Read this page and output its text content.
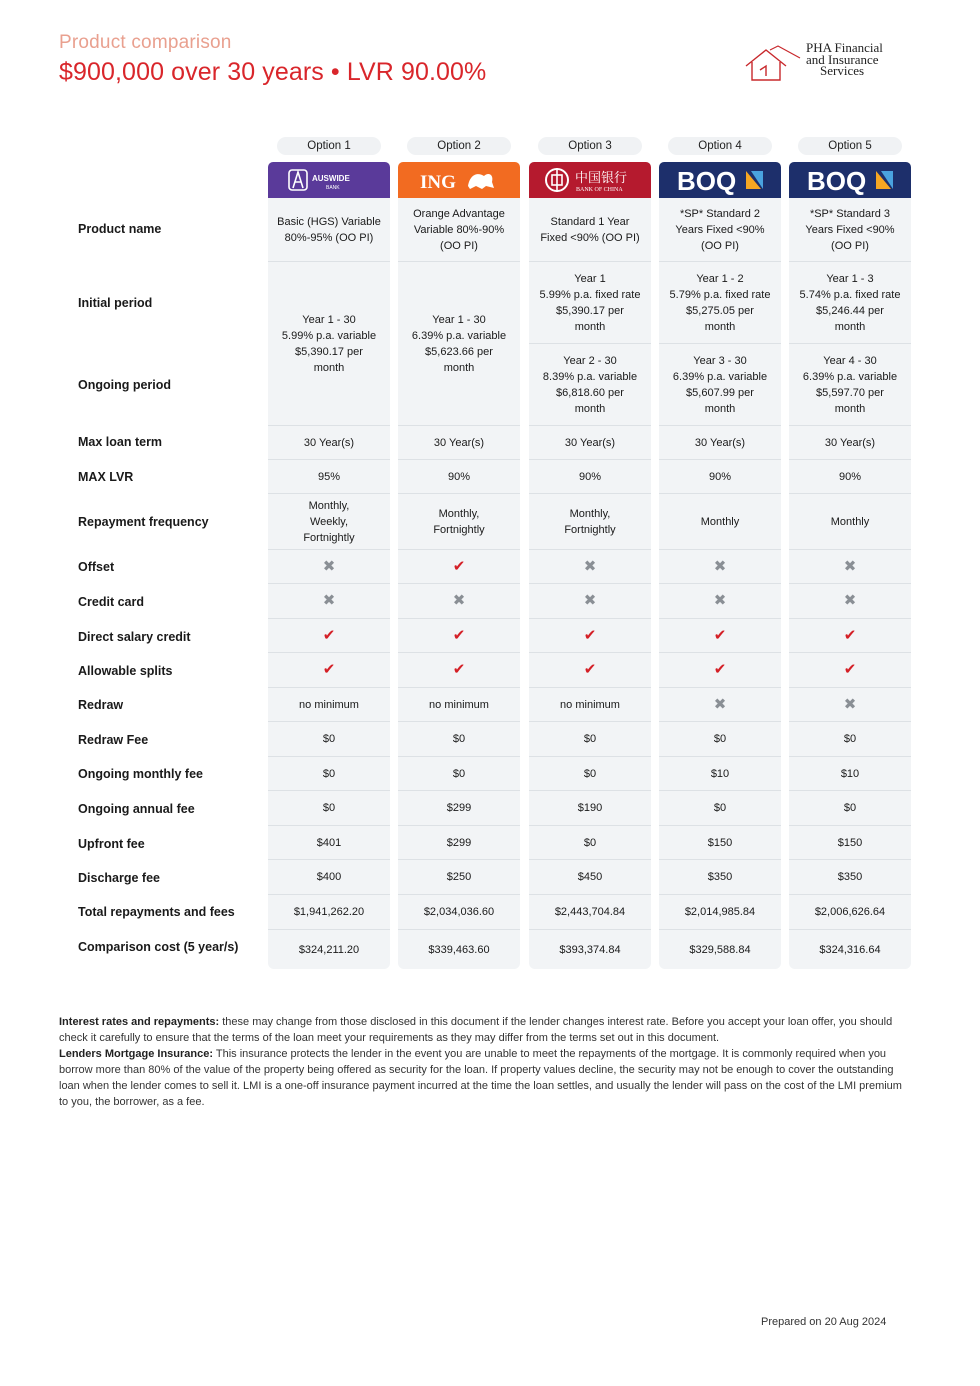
Product comparison
$900,000 over 30 years • LVR 90.00%
PHA Financial
and Insurance
Services
Product name
Initial period
Ongoing period
Max loan term
MAX LVR
Repayment frequency
Offset
Credit card
Direct salary credit
Allowable splits
Redraw
Redraw Fee
Ongoing monthly fee
Ongoing annual fee
Upfront fee
Discharge fee
Total repayments and fees
Comparison cost (5 year/s)
Option 1
AUSWIDE
BANK
Basic (HGS) Variable 80%-95% (OO PI)
Year 1 - 30
5.99% p.a. variable
$5,390.17 per
month
30 Year(s)
95%
Monthly, Weekly, Fortnightly
✖
✖
✔
✔
no minimum
$0
$0
$0
$401
$400
$1,941,262.20
$324,211.20
Option 2
ING
Orange Advantage Variable 80%-90% (OO PI)
Year 1 - 30
6.39% p.a. variable
$5,623.66 per
month
30 Year(s)
90%
Monthly, Fortnightly
✔
✖
✔
✔
no minimum
$0
$0
$299
$299
$250
$2,034,036.60
$339,463.60
Option 3
中国银行
BANK OF CHINA
Standard 1 Year Fixed <90% (OO PI)
Year 1
5.99% p.a. fixed rate
$5,390.17 per
month
Year 2 - 30
8.39% p.a. variable
$6,818.60 per
month
30 Year(s)
90%
Monthly, Fortnightly
✖
✖
✔
✔
no minimum
$0
$0
$190
$0
$450
$2,443,704.84
$393,374.84
Option 4
BOQ
*SP* Standard 2 Years Fixed <90% (OO PI)
Year 1 - 2
5.79% p.a. fixed rate
$5,275.05 per
month
Year 3 - 30
6.39% p.a. variable
$5,607.99 per
month
30 Year(s)
90%
Monthly
✖
✖
✔
✔
✖
$0
$10
$0
$150
$350
$2,014,985.84
$329,588.84
Option 5
BOQ
*SP* Standard 3 Years Fixed <90% (OO PI)
Year 1 - 3
5.74% p.a. fixed rate
$5,246.44 per
month
Year 4 - 30
6.39% p.a. variable
$5,597.70 per
month
30 Year(s)
90%
Monthly
✖
✖
✔
✔
✖
$0
$10
$0
$150
$350
$2,006,626.64
$324,316.64
Interest rates and repayments: these may change from those disclosed in this document if the lender changes interest rate. Before you accept your loan offer, you should check it carefully to ensure that the terms of the loan meet your requirements as they may differ from the terms set out in this document.
Lenders Mortgage Insurance: This insurance protects the lender in the event you are unable to meet the repayments of the mortgage. It is commonly required when you borrow more than 80% of the value of the property being offered as security for the loan. If property values decline, the security may not be enough to cover the outstanding loan when the lender comes to sell it. LMI is a one-off insurance payment incurred at the time the loan settles, and usually the lender will pass on the cost of the LMI premium to you, the borrower, as a fee.
Prepared on 20 Aug 2024
